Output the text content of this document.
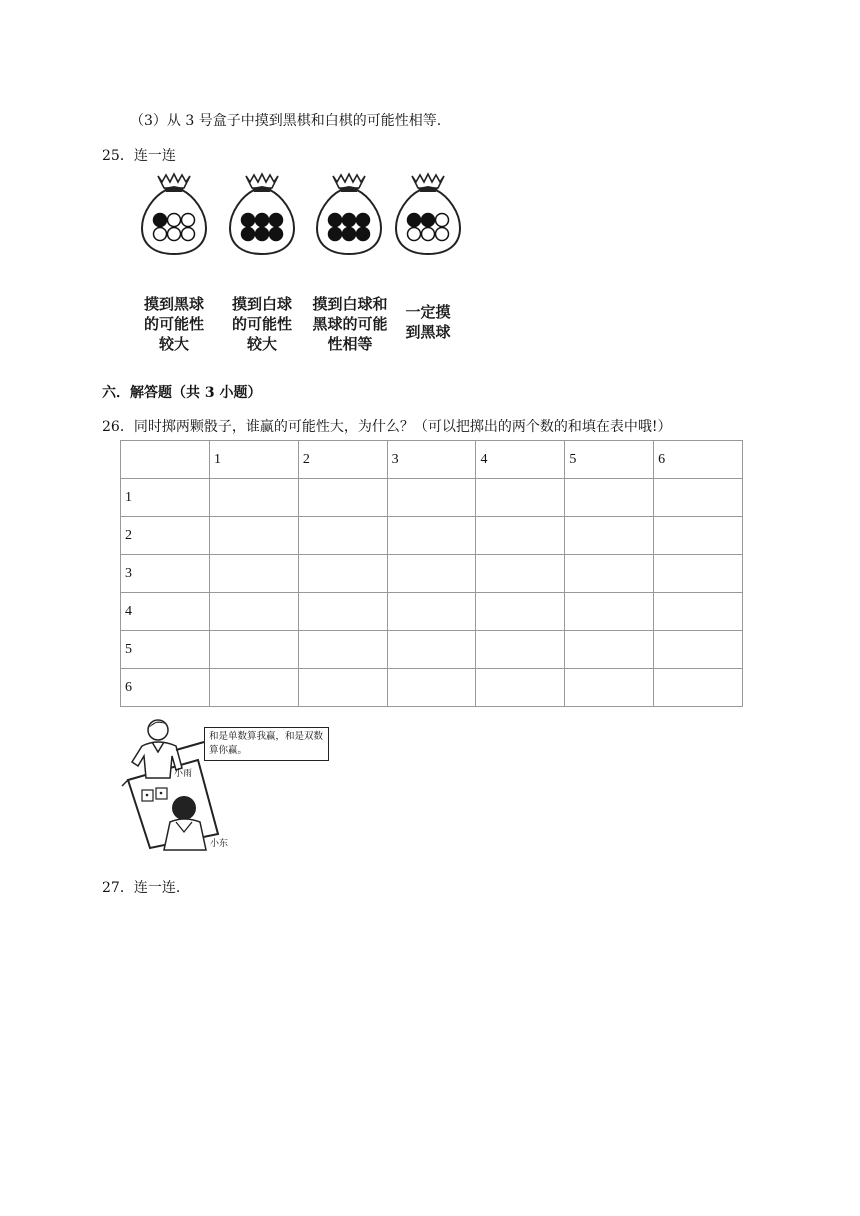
（3）从 3 号盒子中摸到黑棋和白棋的可能性相等.
25．连一连
摸到黑球
的可能性
较大
摸到白球
的可能性
较大
摸到白球和
黑球的可能
性相等
一定摸
到黑球
六．解答题（共 3 小题）
26．同时掷两颗骰子，谁赢的可能性大，为什么？（可以把掷出的两个数的和填在表中哦!）
	1	2	3	4	5	6
1						
2						
3						
4						
5						
6						
和是单数算我赢，和是双数算你赢。
小雨
小东
27．连一连.
